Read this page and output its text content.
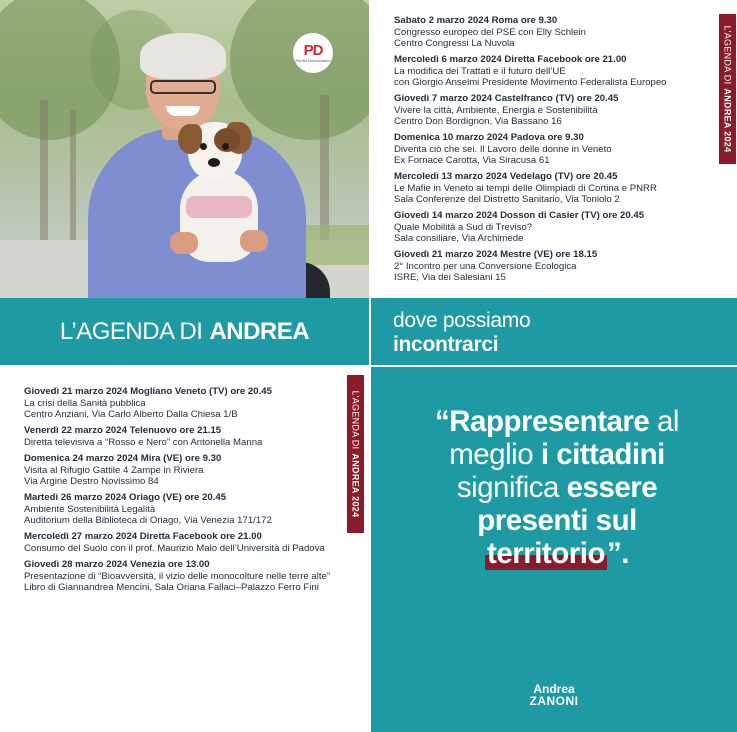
PD
Partito Democratico
L’AGENDA DI ANDREA
Sabato 2 marzo 2024 Roma ore 9.30
Congresso europeo del PSE con Elly Schlein
Centro Congressi La Nuvola
Mercoledì 6 marzo 2024 Diretta Facebook ore 21.00
La modifica dei Trattati e il futuro dell’UE
con Giorgio Anselmi Presidente Movimento Federalista Europeo
Giovedì 7 marzo 2024 Castelfranco (TV) ore 20.45
Vivere la città, Ambiente, Energia e Sostenibilità
Centro Don Bordignon, Via Bassano 16
Domenica 10 marzo 2024 Padova ore 9.30
Diventa ciò che sei. Il Lavoro delle donne in Veneto
Ex Fornace Carotta, Via Siracusa 61
Mercoledì 13 marzo 2024 Vedelago (TV) ore 20.45
Le Mafie in Veneto ai tempi delle Olimpiadi di Cortina e PNRR
Sala Conferenze del Distretto Sanitario, Via Toniolo 2
Giovedì 14 marzo 2024 Dosson di Casier (TV) ore 20.45
Quale Mobilità a Sud di Treviso?
Sala consiliare, Via Archimede
Giovedì 21 marzo 2024 Mestre (VE) ore 18.15
2° Incontro per una Conversione Ecologica
ISRE, Via dei Salesiani 15
L’AGENDA DIANDREA 2024
dove possiamo
incontrarci
Giovedì 21 marzo 2024 Mogliano Veneto (TV) ore 20.45
La crisi della Sanità pubblica
Centro Anziani, Via Carlo Alberto Dalla Chiesa 1/B
Venerdì 22 marzo 2024 Telenuovo ore 21.15
Diretta televisiva a “Rosso e Nero” con Antonella Manna
Domenica 24 marzo 2024 Mira (VE) ore 9.30
Visita al Rifugio Gattile 4 Zampe in Riviera
Via Argine Destro Novissimo 84
Martedì 26 marzo 2024 Oriago (VE) ore 20.45
Ambiente Sostenibilità Legalità
Auditorium della Biblioteca di Oriago, Via Venezia 171/172
Mercoledì 27 marzo 2024 Diretta Facebook ore 21.00
Consumo del Suolo con il prof. Maurizio Malo dell’Università di Padova
Giovedì 28 marzo 2024 Venezia ore 13.00
Presentazione di “Bioavversità, il vizio delle monocolture nelle terre alte”
Libro di Giannandrea Mencini, Sala Oriana Fallaci–Palazzo Ferro Fini
L’AGENDA DIANDREA 2024
“Rappresentare al
meglio i cittadini
significa essere
presenti sul
territorio”.
Andrea
ZANONI
